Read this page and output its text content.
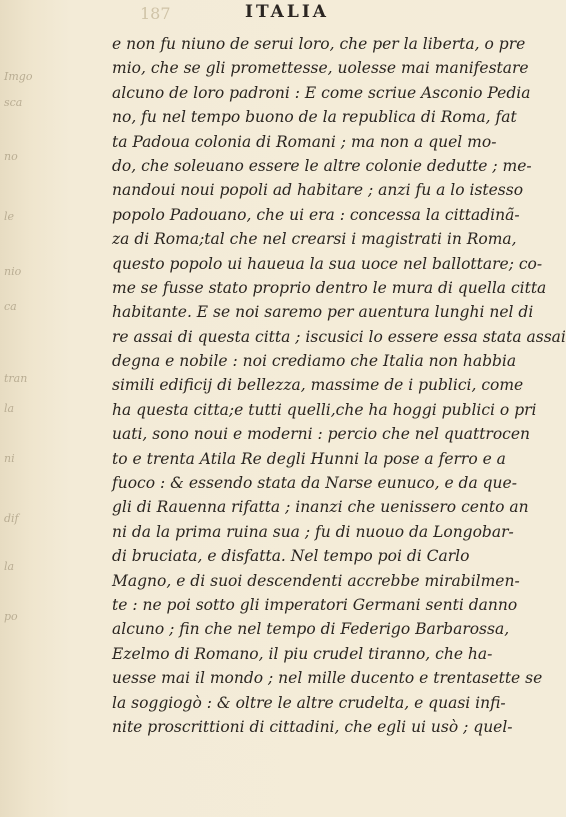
Imgo
sca
no
le
nio
ca
tran
la
ni
dif
la
po
187	ITALIA
e non fu niuno de serui loro, che per la liberta, o pre
mio, che se gli promettesse, uolesse mai manifestare
alcuno de loro padroni : E come scriue Asconio Pedia
no, fu nel tempo buono de la republica di Roma, fat
ta Padoua colonia di Romani ; ma non a quel mo-
do, che soleuano essere le altre colonie dedutte ; me-
nandoui noui popoli ad habitare ; anzi fu a lo istesso
popolo Padouano, che ui era : concessa la cittadinã-
za di Roma;tal che nel crearsi i magistrati in Roma,
questo popolo ui haueua la sua uoce nel ballottare; co-
me se fusse stato proprio dentro le mura di quella citta
habitante. E se noi saremo per auentura lunghi nel di
re assai di questa citta ; iscusici lo essere essa stata assai
degna e nobile : noi crediamo che Italia non habbia
simili edificij di bellezza, massime de i publici, come
ha questa citta;e tutti quelli,che ha hoggi publici o pri
uati, sono noui e moderni : percio che nel quattrocen
to e trenta Atila Re degli Hunni la pose a ferro e a
fuoco : & essendo stata da Narse eunuco, e da que-
gli di Rauenna rifatta ; inanzi che uenissero cento an
ni da la prima ruina sua ; fu di nuouo da Longobar-
di bruciata, e disfatta. Nel tempo poi di Carlo
Magno, e di suoi descendenti accrebbe mirabilmen-
te : ne poi sotto gli imperatori Germani senti danno
alcuno ; fin che nel tempo di Federigo Barbarossa,
Ezelmo di Romano, il piu crudel tiranno, che ha-
uesse mai il mondo ; nel mille ducento e trentasette se
la soggiogò : & oltre le altre crudelta, e quasi infi-
nite proscrittioni di cittadini, che egli ui usò ; quel-
